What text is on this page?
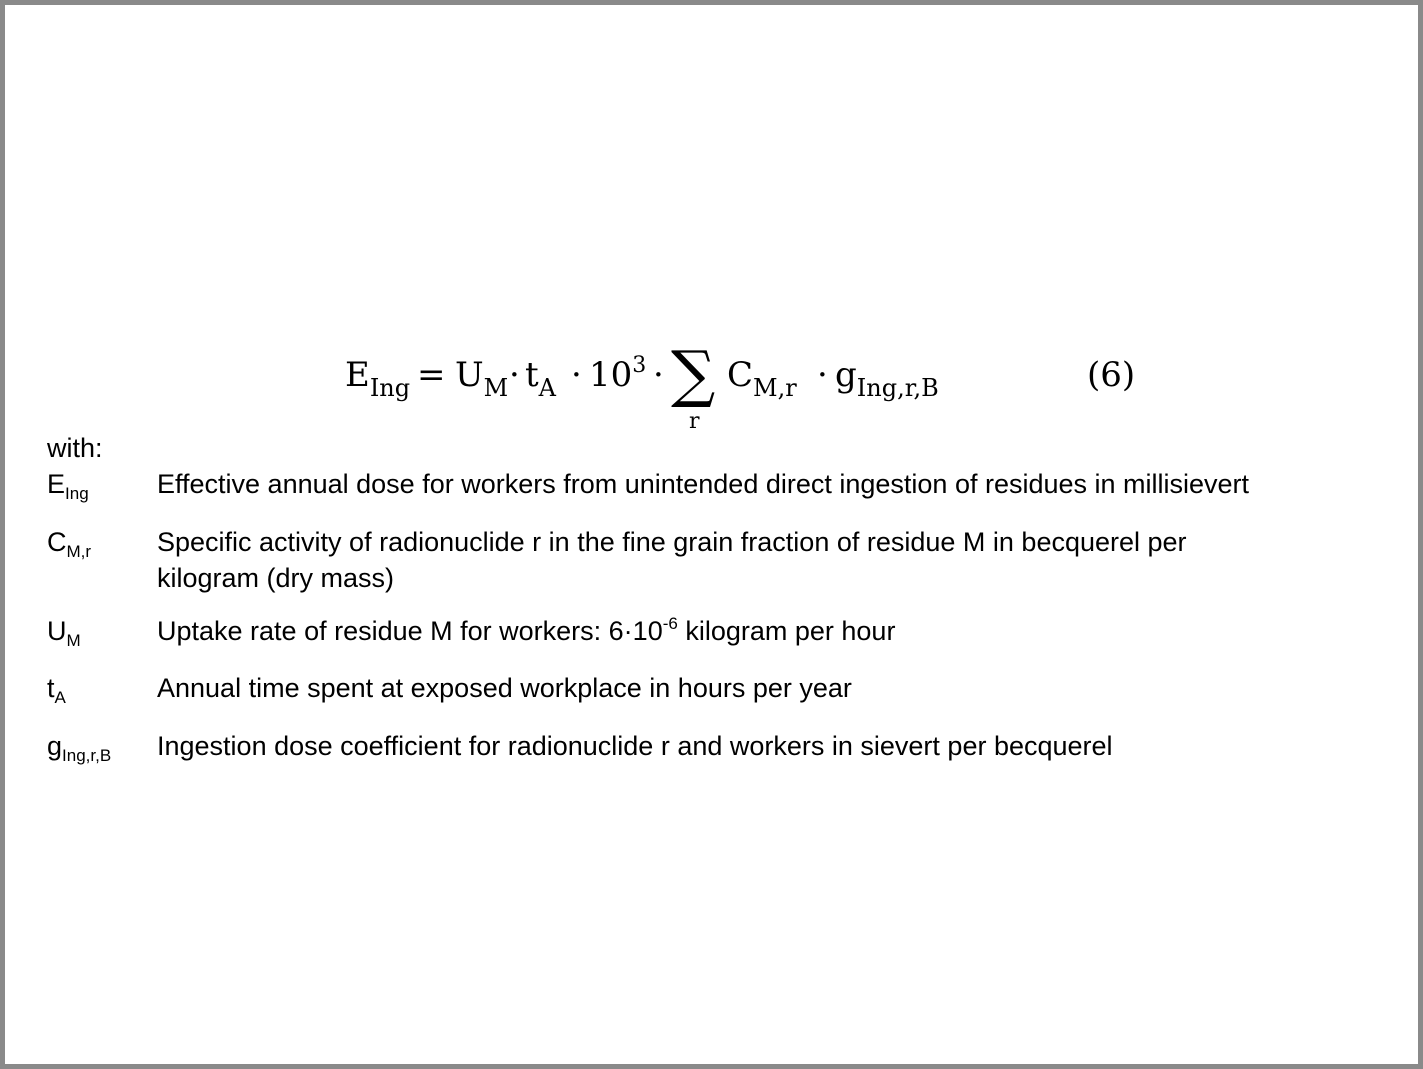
$E_{Ing} = U_M \cdot t_A \cdot 10^3$ · ∑
r
$C_{M,r} \cdot g_{Ing,r,B}$	(6)

with:

$E_{Ing}$	Effective annual dose for workers from unintended direct ingestion of residues in millisievert
$C_{M,r}$	Specific activity of radionuclide r in the fine grain fraction of residue M in becquerel per
kilogram (dry mass)
$U_M$	Uptake rate of residue M for workers: $6\cdot 10^{-6}$ kilogram per hour
$t_A$	Annual time spent at exposed workplace in hours per year
$g_{Ing,r,B}$	Ingestion dose coefficient for radionuclide r and workers in sievert per becquerel
